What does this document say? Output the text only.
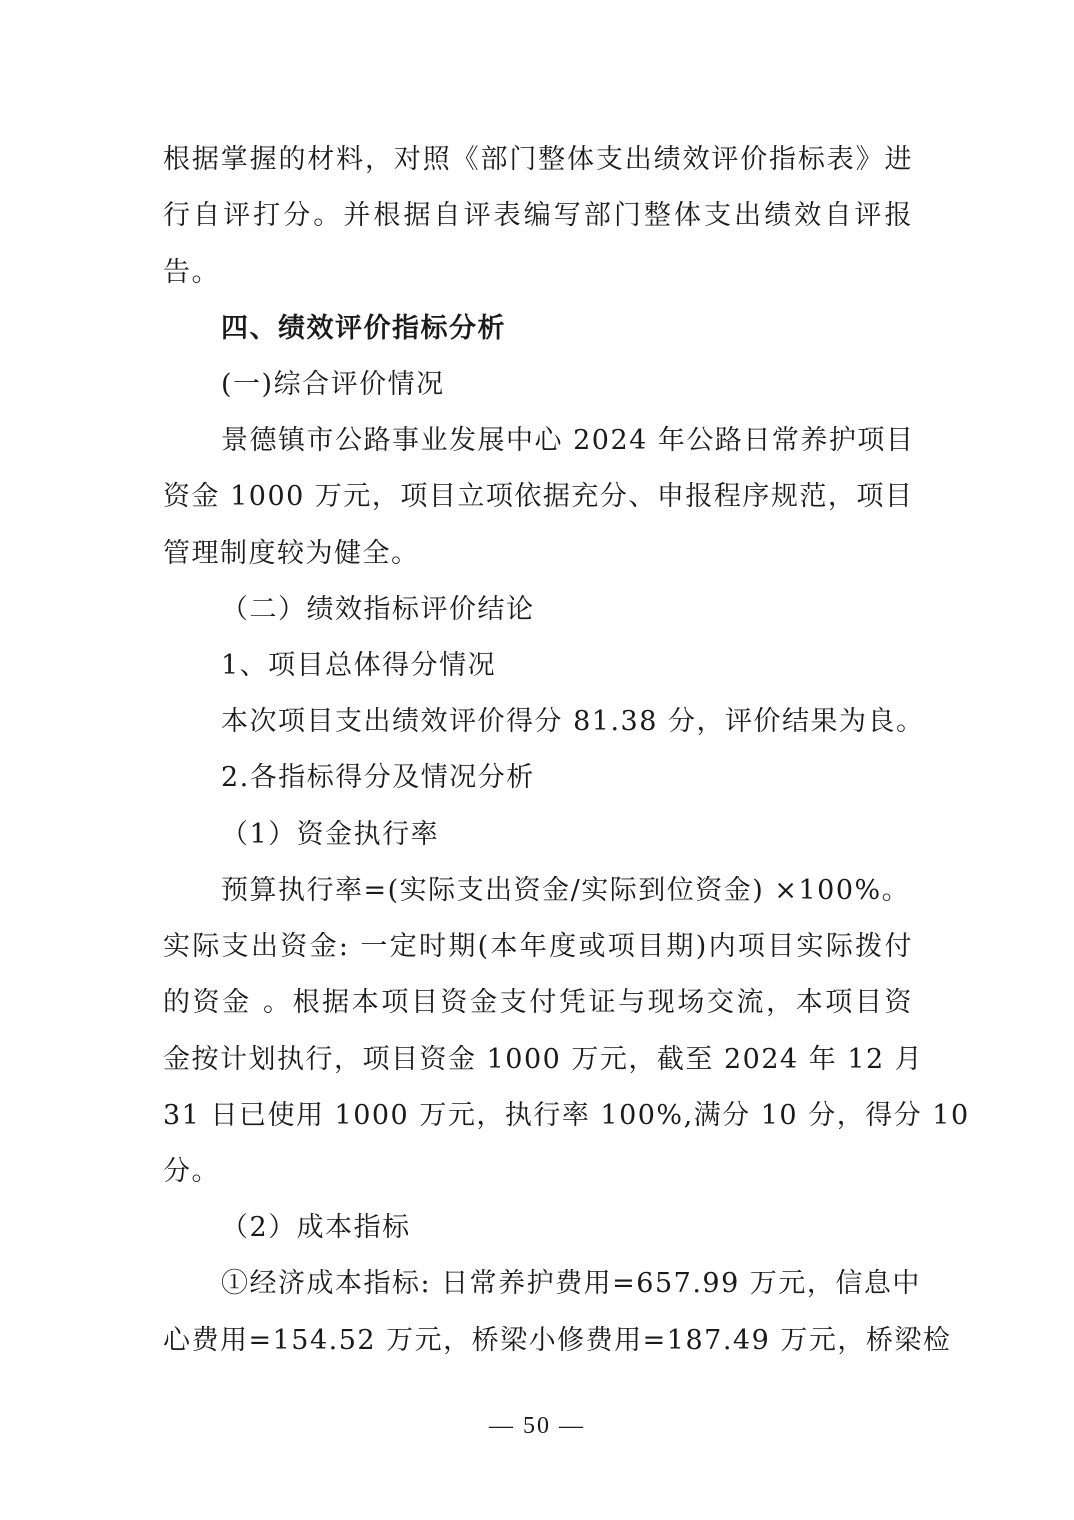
根据掌握的材料，对照《部门整体支出绩效评价指标表》进
行自评打分。并根据自评表编写部门整体支出绩效自评报
告。
四、绩效评价指标分析
(一)综合评价情况
景德镇市公路事业发展中心 2024 年公路日常养护项目
资金 1000 万元，项目立项依据充分、申报程序规范，项目
管理制度较为健全。
（二）绩效指标评价结论
1、项目总体得分情况
本次项目支出绩效评价得分 81.38 分，评价结果为良。
2.各指标得分及情况分析
（1）资金执行率
预算执行率=(实际支出资金/实际到位资金) ×100%。
实际支出资金: 一定时期(本年度或项目期)内项目实际拨付
的资金 。根据本项目资金支付凭证与现场交流，本项目资
金按计划执行，项目资金 1000 万元，截至 2024 年 12 月
31 日已使用 1000 万元，执行率 100%,满分 10 分，得分 10
分。
（2）成本指标
①经济成本指标: 日常养护费用=657.99 万元，信息中
心费用=154.52 万元，桥梁小修费用=187.49 万元，桥梁检
— 50 —
